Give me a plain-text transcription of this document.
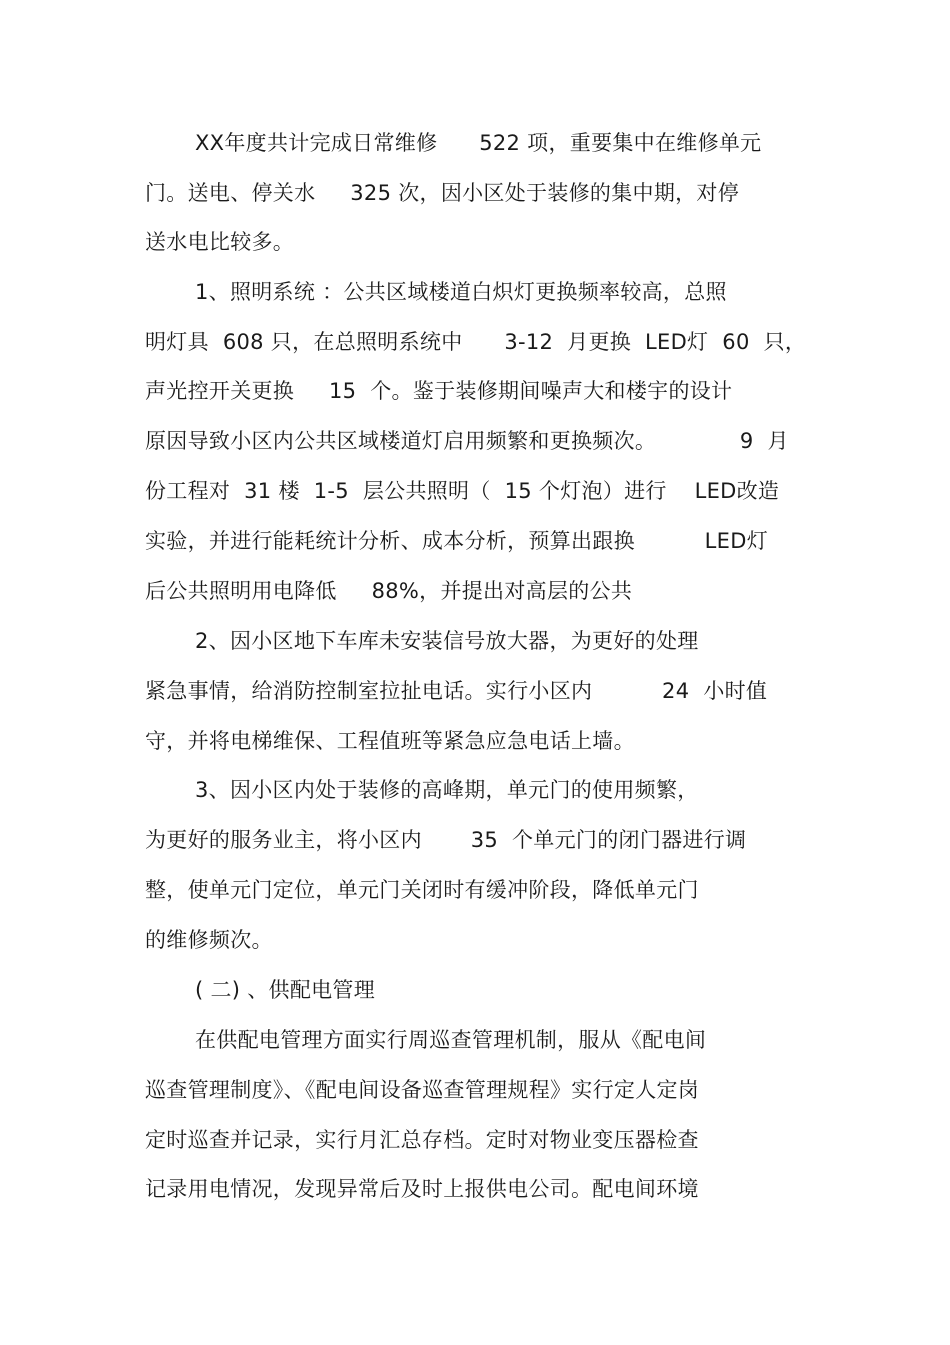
XX年度共计完成日常维修      522 项，重要集中在维修单元
门。送电、停关水     325 次，因小区处于装修的集中期，对停
送水电比较多。
1、照明系统 ：公共区域楼道白炽灯更换频率较高，总照
明灯具  608 只，在总照明系统中      3-12  月更换  LED灯  60  只，
声光控开关更换     15  个。鉴于装修期间噪声大和楼宇的设计
原因导致小区内公共区域楼道灯启用频繁和更换频次。            9  月
份工程对  31 楼  1-5  层公共照明（  15 个灯泡）进行    LED改造
实验，并进行能耗统计分析、成本分析，预算出跟换          LED灯
后公共照明用电降低     88%，并提出对高层的公共
2、因小区地下车库未安装信号放大器，为更好的处理
紧急事情，给消防控制室拉扯电话。实行小区内          24  小时值
守，并将电梯维保、工程值班等紧急应急电话上墙。
3、因小区内处于装修的高峰期，单元门的使用频繁，
为更好的服务业主，将小区内       35  个单元门的闭门器进行调
整，使单元门定位，单元门关闭时有缓冲阶段，降低单元门
的维修频次。
( 二) 、供配电管理
在供配电管理方面实行周巡查管理机制，服从《配电间
巡查管理制度》、《配电间设备巡查管理规程》实行定人定岗
定时巡查并记录，实行月汇总存档。定时对物业变压器检查
记录用电情况，发现异常后及时上报供电公司。配电间环境
